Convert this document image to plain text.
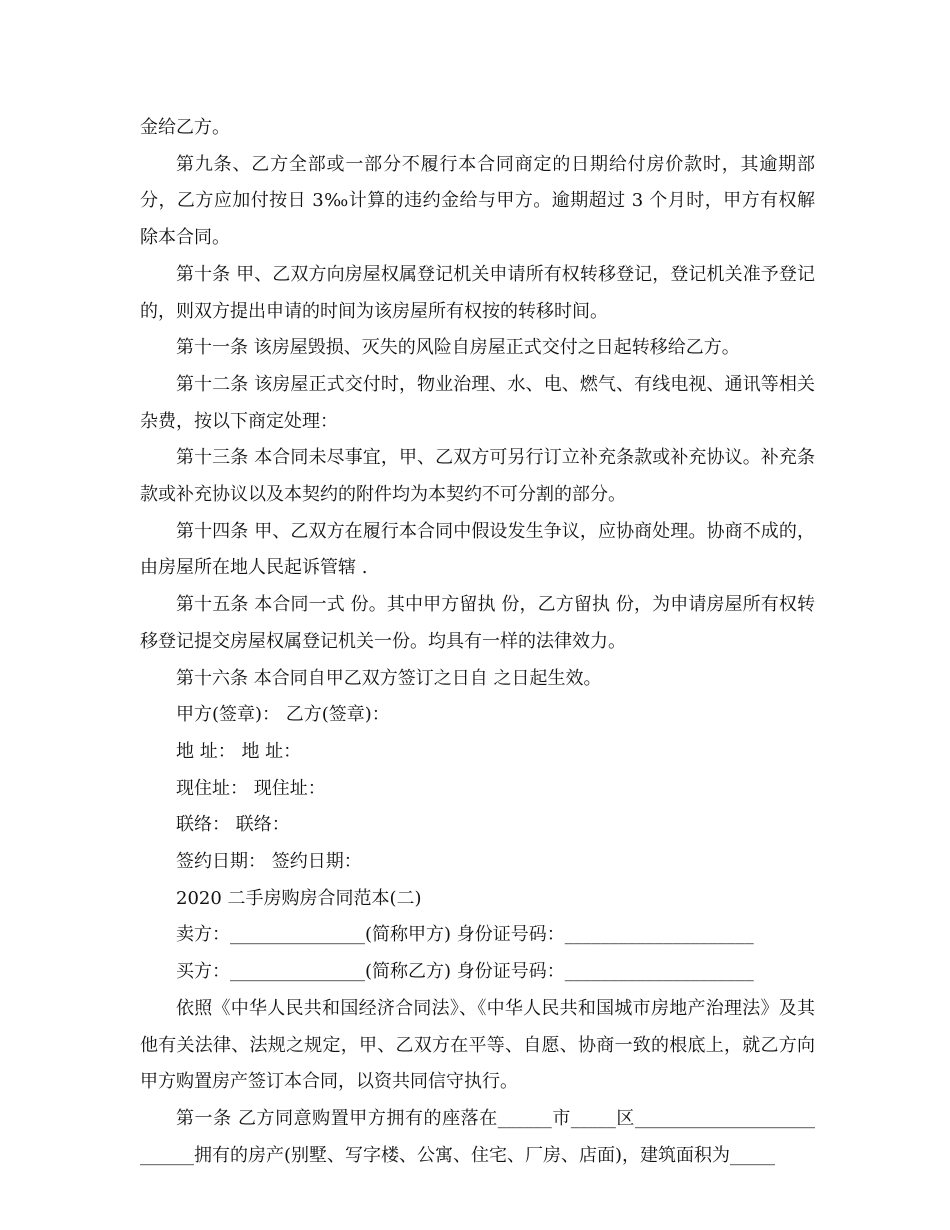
金给乙方。

第九条、乙方全部或一部分不履行本合同商定的日期给付房价款时，其逾期部分，乙方应加付按日 3‰计算的违约金给与甲方。逾期超过 3 个月时，甲方有权解除本合同。

第十条 甲、乙双方向房屋权属登记机关申请所有权转移登记，登记机关准予登记的，则双方提出申请的时间为该房屋所有权按的转移时间。

第十一条 该房屋毁损、灭失的风险自房屋正式交付之日起转移给乙方。

第十二条 该房屋正式交付时，物业治理、水、电、燃气、有线电视、通讯等相关杂费，按以下商定处理：

第十三条 本合同未尽事宜，甲、乙双方可另行订立补充条款或补充协议。补充条款或补充协议以及本契约的附件均为本契约不可分割的部分。

第十四条 甲、乙双方在履行本合同中假设发生争议，应协商处理。协商不成的，由房屋所在地人民起诉管辖 .

第十五条 本合同一式 份。其中甲方留执 份，乙方留执 份，为申请房屋所有权转移登记提交房屋权属登记机关一份。均具有一样的法律效力。

第十六条 本合同自甲乙双方签订之日自 之日起生效。

甲方(签章)： 乙方(签章)：

地 址： 地 址：

现住址： 现住址：

联络： 联络：

签约日期： 签约日期：

2020 二手房购房合同范本(二)

卖方：_______________(简称甲方) 身份证号码：_____________________

买方：_______________(简称乙方) 身份证号码：_____________________

依照《中华人民共和国经济合同法》、《中华人民共和国城市房地产治理法》及其他有关法律、法规之规定，甲、乙双方在平等、自愿、协商一致的根底上，就乙方向甲方购置房产签订本合同，以资共同信守执行。

第一条 乙方同意购置甲方拥有的座落在______市_____区____________________ ______拥有的房产(别墅、写字楼、公寓、住宅、厂房、店面)，建筑面积为_____
